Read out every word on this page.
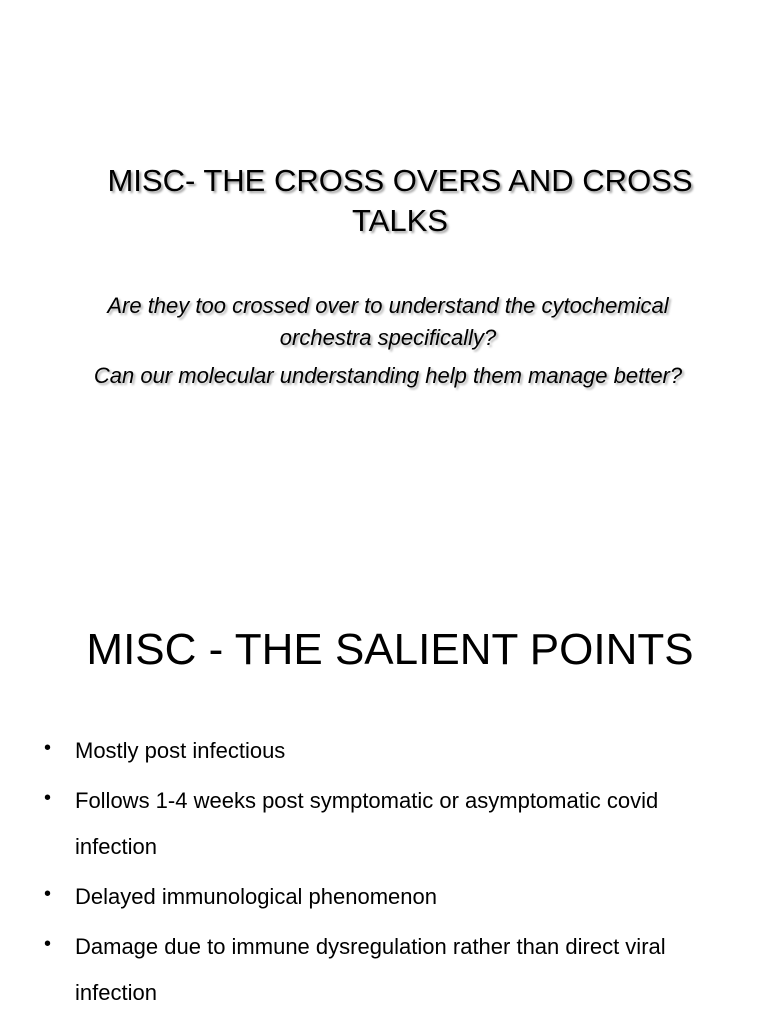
MISC- THE CROSS OVERS AND CROSS TALKS

Are they too crossed over to understand the cytochemical
orchestra specifically?
Can our molecular understanding help them manage better?

MISC - THE SALIENT POINTS
• Mostly post infectious
• Follows 1-4 weeks post symptomatic or asymptomatic covid infection
• Delayed immunological phenomenon
• Damage due to immune dysregulation rather than direct viral infection
